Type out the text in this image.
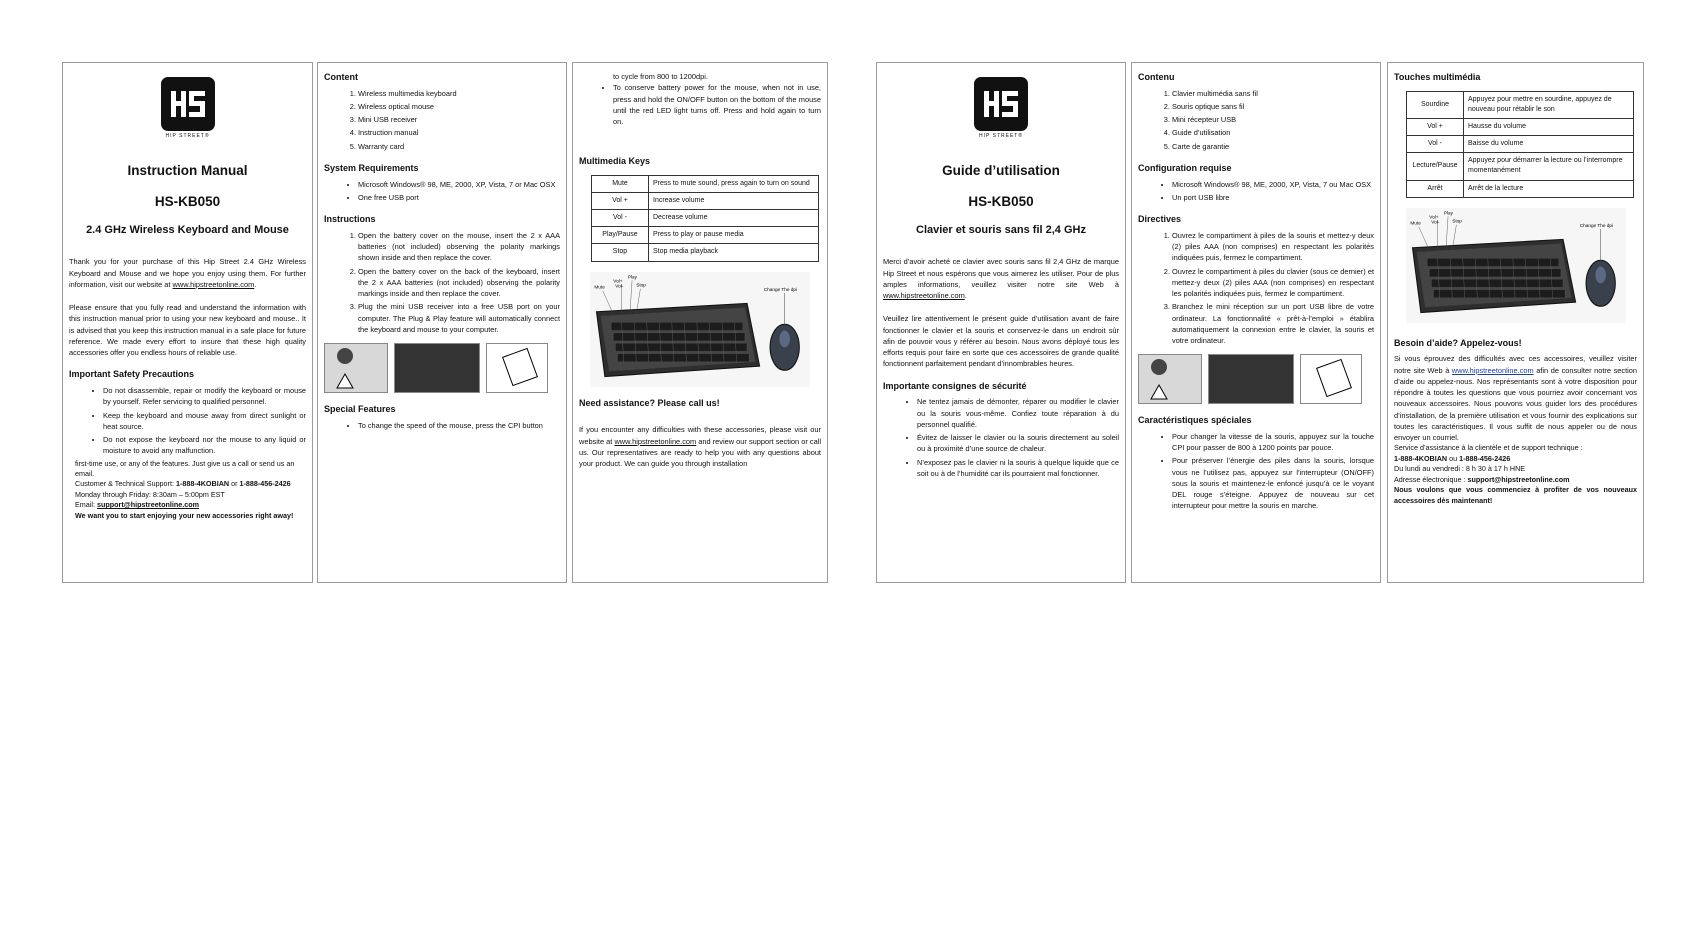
HIP STREET®
Instruction Manual
HS-KB050
2.4 GHz Wireless Keyboard and Mouse
Thank you for your purchase of this Hip Street 2.4 GHz Wireless Keyboard and Mouse and we hope you enjoy using them. For further information, visit our website at www.hipstreetonline.com.
Please ensure that you fully read and understand the information with this instruction manual prior to using your new keyboard and mouse.. It is advised that you keep this instruction manual in a safe place for future reference. We made every effort to insure that these high quality accessories offer you endless hours of reliable use.
Important Safety Precautions
• Do not disassemble, repair or modify the keyboard or mouse by yourself. Refer servicing to qualified personnel.
• Keep the keyboard and mouse away from direct sunlight or heat source.
• Do not expose the keyboard nor the mouse to any liquid or moisture to avoid any malfunction.
first-time use, or any of the features. Just give us a call or send us an email.
Customer & Technical Support: 1-888-4KOBIAN or 1-888-456-2426
Monday through Friday: 8:30am – 5:00pm EST
Email: support@hipstreetonline.com
We want you to start enjoying your new accessories right away!
Content
1. Wireless multimedia keyboard
2. Wireless optical mouse
3. Mini USB receiver
4. Instruction manual
5. Warranty card
System Requirements
• Microsoft Windows® 98, ME, 2000, XP, Vista, 7 or Mac OSX
• One free USB port
Instructions
1. Open the battery cover on the mouse, insert the 2 x AAA batteries (not included) observing the polarity markings shown inside and then replace the cover.
2. Open the battery cover on the back of the keyboard, insert the 2 x AAA batteries (not included) observing the polarity markings inside and then replace the cover.
3. Plug the mini USB receiver into a free USB port on your computer. The Plug & Play feature will automatically connect the keyboard and mouse to your computer.
Special Features
• To change the speed of the mouse, press the CPI button
to cycle from 800 to 1200dpi.
• To conserve battery power for the mouse, when not in use, press and hold the ON/OFF button on the bottom of the mouse until the red LED light turns off. Press and hold again to turn on.
Multimedia Keys
Mute	Press to mute sound, press again to turn on sound
Vol +	Increase volume
Vol -	Decrease volume
Play/Pause	Press to play or pause media
Stop	Stop media playback
Mute
Vol+
Vol-
Play
Stop
Change The dpi
Need assistance? Please call us!
If you encounter any difficulties with these accessories, please visit our website at www.hipstreetonline.com and review our support section or call us. Our representatives are ready to help you with any questions about your product. We can guide you through installation
HIP STREET®
Guide d’utilisation
HS-KB050
Clavier et souris sans fil 2,4 GHz
Merci d’avoir acheté ce clavier avec souris sans fil 2,4 GHz de marque Hip Street et nous espérons que vous aimerez les utiliser. Pour de plus amples informations, veuillez visiter notre site Web à www.hipstreetonline.com.
Veuillez lire attentivement le présent guide d’utilisation avant de faire fonctionner le clavier et la souris et conservez-le dans un endroit sûr afin de pouvoir vous y référer au besoin. Nous avons déployé tous les efforts requis pour faire en sorte que ces accessoires de grande qualité fonctionnent parfaitement pendant d’innombrables heures.
Importante consignes de sécurité
• Ne tentez jamais de démonter, réparer ou modifier le clavier ou la souris vous-même. Confiez toute réparation à du personnel qualifié.
• Évitez de laisser le clavier ou la souris directement au soleil ou à proximité d’une source de chaleur.
• N’exposez pas le clavier ni la souris à quelque liquide que ce soit ou à de l’humidité car ils pourraient mal fonctionner.
Contenu
1. Clavier multimédia sans fil
2. Souris optique sans fil
3. Mini récepteur USB
4. Guide d’utilisation
5. Carte de garantie
Configuration requise
• Microsoft Windows® 98, ME, 2000, XP, Vista, 7 ou Mac OSX
• Un port USB libre
Directives
1. Ouvrez le compartiment à piles de la souris et mettez-y deux (2) piles AAA (non comprises) en respectant les polarités indiquées puis, fermez le compartiment.
2. Ouvrez le compartiment à piles du clavier (sous ce dernier) et mettez-y deux (2) piles AAA (non comprises) en respectant les polarités indiquées puis, fermez le compartiment.
3. Branchez le mini réception sur un port USB libre de votre ordinateur. La fonctionnalité « prêt-à-l’emploi » établira automatiquement la connexion entre le clavier, la souris et votre ordinateur.
Caractéristiques spéciales
• Pour changer la vitesse de la souris, appuyez sur la touche CPI pour passer de 800 à 1200 points par pouce.
• Pour préserver l’énergie des piles dans la souris, lorsque vous ne l’utilisez pas, appuyez sur l’interrupteur (ON/OFF) sous la souris et maintenez-le enfoncé jusqu’à ce le voyant DEL rouge s’éteigne. Appuyez de nouveau sur cet interrupteur pour mettre la souris en marche.
Touches multimédia
Sourdine	Appuyez pour mettre en sourdine, appuyez de nouveau pour rétablir le son
Vol +	Hausse du volume
Vol -	Baisse du volume
Lecture/Pause	Appuyez pour démarrer la lecture ou l’interrompre momentanément
Arrêt	Arrêt de la lecture
Mute
Vol+
Vol-
Play
Stop
Change The dpi
Besoin d’aide? Appelez-vous!
Si vous éprouvez des difficultés avec ces accessoires, veuillez visiter notre site Web à www.hipstreetonline.com afin de consulter notre section d’aide ou appelez-nous. Nos représentants sont à votre disposition pour répondre à toutes les questions que vous pourriez avoir concernant vos nouveaux accessoires. Nous pouvons vous guider lors des procédures d’installation, de la première utilisation et vous fournir des explications sur toutes les caractéristiques. Il vous suffit de nous appeler ou de nous envoyer un courriel.
Service d’assistance à la clientèle et de support technique :
1-888-4KOBIAN ou 1-888-456-2426
Du lundi au vendredi : 8 h 30 à 17 h HNE
Adresse électronique : support@hipstreetonline.com
Nous voulons que vous commenciez à profiter de vos nouveaux accessoires dès maintenant!
